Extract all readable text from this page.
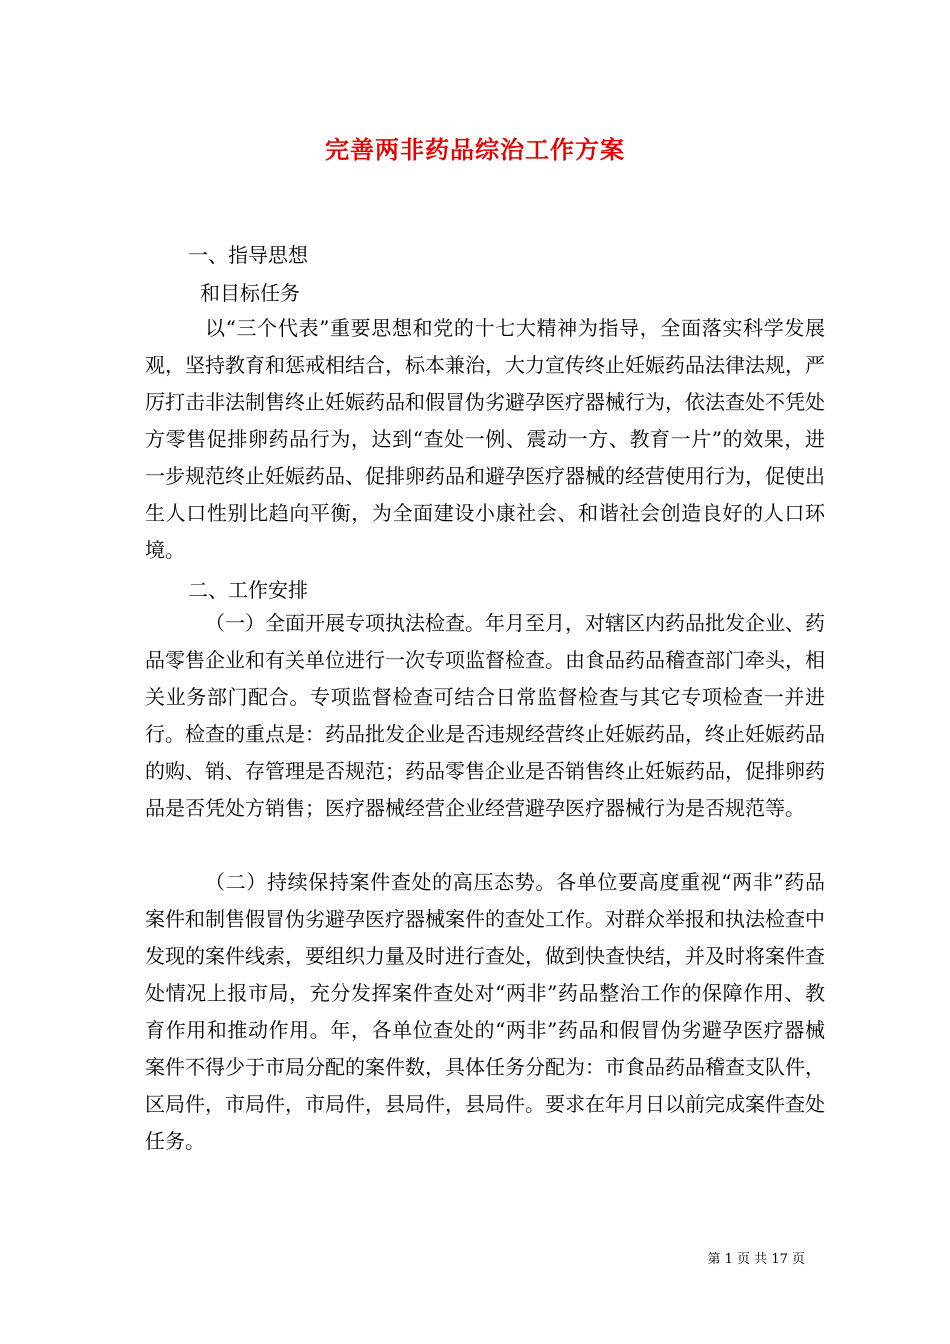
完善两非药品综治工作方案

一、指导思想

和目标任务

以“三个代表”重要思想和党的十七大精神为指导，全面落实科学发展观，坚持教育和惩戒相结合，标本兼治，大力宣传终止妊娠药品法律法规，严厉打击非法制售终止妊娠药品和假冒伪劣避孕医疗器械行为，依法查处不凭处方零售促排卵药品行为，达到“查处一例、震动一方、教育一片”的效果，进一步规范终止妊娠药品、促排卵药品和避孕医疗器械的经营使用行为，促使出生人口性别比趋向平衡，为全面建设小康社会、和谐社会创造良好的人口环境。

二、工作安排

（一）全面开展专项执法检查。年月至月，对辖区内药品批发企业、药品零售企业和有关单位进行一次专项监督检查。由食品药品稽查部门牵头，相关业务部门配合。专项监督检查可结合日常监督检查与其它专项检查一并进行。检查的重点是：药品批发企业是否违规经营终止妊娠药品，终止妊娠药品的购、销、存管理是否规范；药品零售企业是否销售终止妊娠药品，促排卵药品是否凭处方销售；医疗器械经营企业经营避孕医疗器械行为是否规范等。

（二）持续保持案件查处的高压态势。各单位要高度重视“两非”药品案件和制售假冒伪劣避孕医疗器械案件的查处工作。对群众举报和执法检查中发现的案件线索，要组织力量及时进行查处，做到快查快结，并及时将案件查处情况上报市局，充分发挥案件查处对“两非”药品整治工作的保障作用、教育作用和推动作用。年，各单位查处的“两非”药品和假冒伪劣避孕医疗器械案件不得少于市局分配的案件数，具体任务分配为：市食品药品稽查支队件，区局件，市局件，市局件，县局件，县局件。要求在年月日以前完成案件查处任务。

第 1 页 共 17 页
